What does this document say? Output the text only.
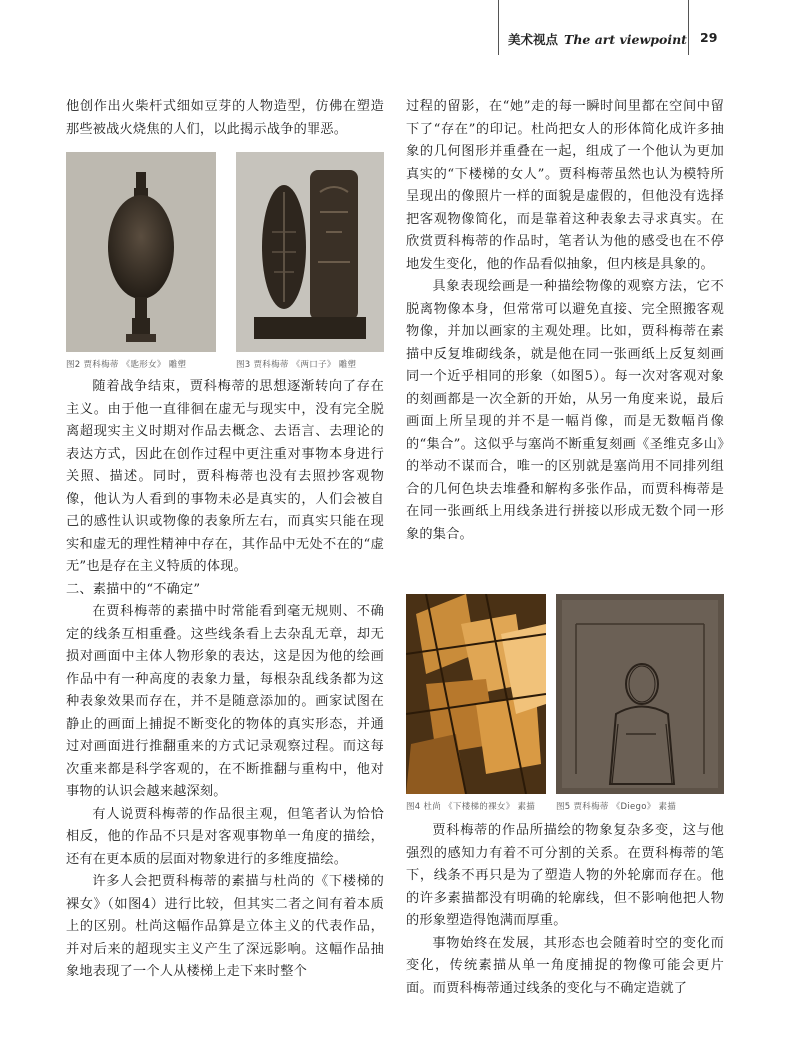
美术视点 The art viewpoint 29

他创作出火柴杆式细如豆芽的人物造型，仿佛在塑造那些被战火烧焦的人们，以此揭示战争的罪恶。

图2 贾科梅蒂 《匙形女》 雕塑	图3 贾科梅蒂 《两口子》 雕塑

随着战争结束，贾科梅蒂的思想逐渐转向了存在主义。由于他一直徘徊在虚无与现实中，没有完全脱离超现实主义时期对作品去概念、去语言、去理论的表达方式，因此在创作过程中更注重对事物本身进行关照、描述。同时，贾科梅蒂也没有去照抄客观物像，他认为人看到的事物未必是真实的，人们会被自己的感性认识或物像的表象所左右，而真实只能在现实和虚无的理性精神中存在，其作品中无处不在的“虚无”也是存在主义特质的体现。

二、素描中的“不确定”

在贾科梅蒂的素描中时常能看到毫无规则、不确定的线条互相重叠。这些线条看上去杂乱无章，却无损对画面中主体人物形象的表达，这是因为他的绘画作品中有一种高度的表象力量，每根杂乱线条都为这种表象效果而存在，并不是随意添加的。画家试图在静止的画面上捕捉不断变化的物体的真实形态，并通过对画面进行推翻重来的方式记录观察过程。而这每次重来都是科学客观的，在不断推翻与重构中，他对事物的认识会越来越深刻。

有人说贾科梅蒂的作品很主观，但笔者认为恰恰相反，他的作品不只是对客观事物单一角度的描绘，还有在更本质的层面对物象进行的多维度描绘。

许多人会把贾科梅蒂的素描与杜尚的《下楼梯的裸女》（如图4）进行比较，但其实二者之间有着本质上的区别。杜尚这幅作品算是立体主义的代表作品，并对后来的超现实主义产生了深远影响。这幅作品抽象地表现了一个人从楼梯上走下来时整个

过程的留影，在“她”走的每一瞬时间里都在空间中留下了“存在”的印记。杜尚把女人的形体简化成许多抽象的几何图形并重叠在一起，组成了一个他认为更加真实的“下楼梯的女人”。贾科梅蒂虽然也认为模特所呈现出的像照片一样的面貌是虚假的，但他没有选择把客观物像简化，而是靠着这种表象去寻求真实。在欣赏贾科梅蒂的作品时，笔者认为他的感受也在不停地发生变化，他的作品看似抽象，但内核是具象的。

具象表现绘画是一种描绘物像的观察方法，它不脱离物像本身，但常常可以避免直接、完全照搬客观物像，并加以画家的主观处理。比如，贾科梅蒂在素描中反复堆砌线条，就是他在同一张画纸上反复刻画同一个近乎相同的形象（如图5）。每一次对客观对象的刻画都是一次全新的开始，从另一角度来说，最后画面上所呈现的并不是一幅肖像，而是无数幅肖像的“集合”。这似乎与塞尚不断重复刻画《圣维克多山》的举动不谋而合，唯一的区别就是塞尚用不同排列组合的几何色块去堆叠和解构多张作品，而贾科梅蒂是在同一张画纸上用线条进行拼接以形成无数个同一形象的集合。

图4 杜尚 《下楼梯的裸女》 素描 图5 贾科梅蒂 《Diego》 素描

贾科梅蒂的作品所描绘的物象复杂多变，这与他强烈的感知力有着不可分割的关系。在贾科梅蒂的笔下，线条不再只是为了塑造人物的外轮廓而存在。他的许多素描都没有明确的轮廓线，但不影响他把人物的形象塑造得饱满而厚重。

事物始终在发展，其形态也会随着时空的变化而变化，传统素描从单一角度捕捉的物像可能会更片面。而贾科梅蒂通过线条的变化与不确定造就了
